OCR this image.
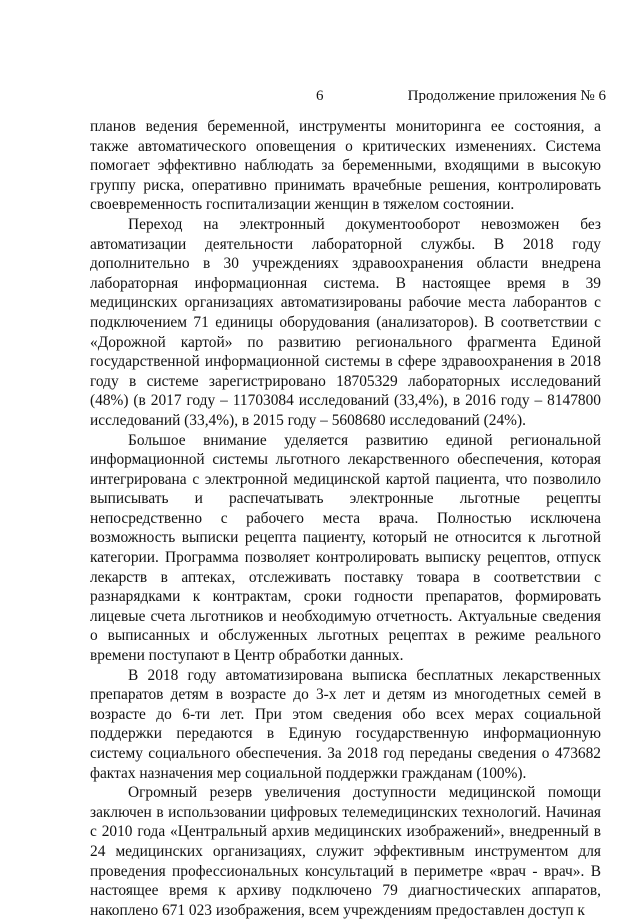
6	Продолжение приложения № 6

планов ведения беременной, инструменты мониторинга ее состояния, а также автоматического оповещения о критических изменениях. Система помогает эффективно наблюдать за беременными, входящими в высокую группу риска, оперативно принимать врачебные решения, контролировать своевременность госпитализации женщин в тяжелом состоянии.

Переход на электронный документооборот невозможен без автоматизации деятельности лабораторной службы. В 2018 году дополнительно в 30 учреждениях здравоохранения области внедрена лабораторная информационная система. В настоящее время в 39 медицинских организациях автоматизированы рабочие места лаборантов с подключением 71 единицы оборудования (анализаторов). В соответствии с «Дорожной картой» по развитию регионального фрагмента Единой государственной информационной системы в сфере здравоохранения в 2018 году в системе зарегистрировано 18705329 лабораторных исследований (48%) (в 2017 году – 11703084 исследований (33,4%), в 2016 году – 8147800 исследований (33,4%), в 2015 году – 5608680 исследований (24%).

Большое внимание уделяется развитию единой региональной информационной системы льготного лекарственного обеспечения, которая интегрирована с электронной медицинской картой пациента, что позволило выписывать и распечатывать электронные льготные рецепты непосредственно с рабочего места врача. Полностью исключена возможность выписки рецепта пациенту, который не относится к льготной категории. Программа позволяет контролировать выписку рецептов, отпуск лекарств в аптеках, отслеживать поставку товара в соответствии с разнарядками к контрактам, сроки годности препаратов, формировать лицевые счета льготников и необходимую отчетность. Актуальные сведения о выписанных и обслуженных льготных рецептах в режиме реального времени поступают в Центр обработки данных.

В 2018 году автоматизирована выписка бесплатных лекарственных препаратов детям в возрасте до 3-х лет и детям из многодетных семей в возрасте до 6-ти лет. При этом сведения обо всех мерах социальной поддержки передаются в Единую государственную информационную систему социального обеспечения. За 2018 год переданы сведения о 473682 фактах назначения мер социальной поддержки гражданам (100%).

Огромный резерв увеличения доступности медицинской помощи заключен в использовании цифровых телемедицинских технологий. Начиная с 2010 года «Центральный архив медицинских изображений», внедренный в 24 медицинских организациях, служит эффективным инструментом для проведения профессиональных консультаций в периметре «врач - врач». В настоящее время к архиву подключено 79 диагностических аппаратов, накоплено 671 023 изображения, всем учреждениям предоставлен доступ к
